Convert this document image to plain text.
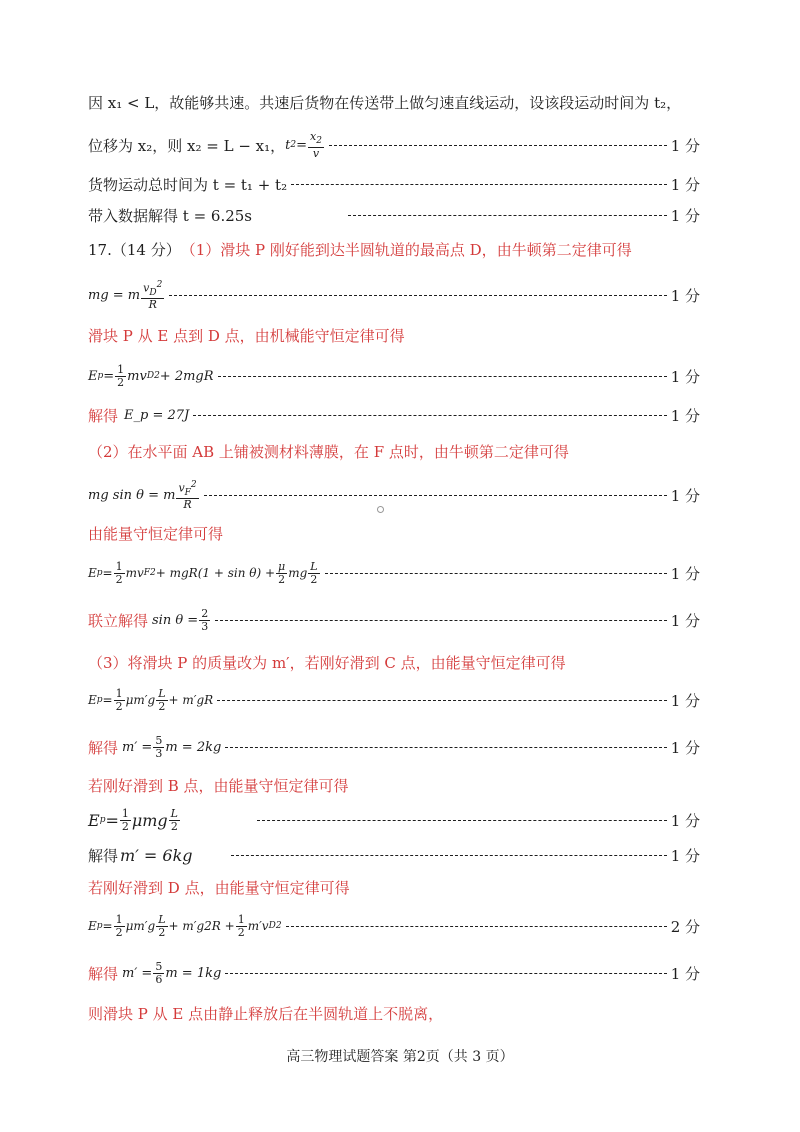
因 x₁ < L，故能够共速。共速后货物在传送带上做匀速直线运动，设该段运动时间为 t₂，
位移为 x₂，则 x₂ = L − x₁， t $2 = \frac{x_2}{v}$	1 分
货物运动总时间为 t = t₁ + t₂	1 分
带入数据解得 t = 6.25s	1 分
17.（14 分） （1）滑块 P 刚好能到达半圆轨道的最高点 D，由牛顿第二定律可得
mg = m $\frac{v_D^2}{R}$	1 分
滑块 P 从 E 点到 D 点，由机械能守恒定律可得
E $p = \frac{1}{2}$ mv D 2 + 2mgR	1 分
解得 E_p = 27J	1 分
（2）在水平面 AB 上铺被测材料薄膜，在 F 点时，由牛顿第二定律可得
mg sin θ = m $\frac{v_F^2}{R}$	1 分
由能量守恒定律可得
E $p = \frac{1}{2}$ mv F $2 + mgR(1 + \sin \theta) + \frac{\mu}{2}$ mg $\frac{L}{2}$	1 分
联立解得 $\sin \theta = \frac{2}{3}$	1 分
（3）将滑块 P 的质量改为 m′，若刚好滑到 C 点，由能量守恒定律可得
E $p = \frac{1}{2} \mu m'g \frac{L}{2} + m'gR$	1 分
解得 $m' = \frac{5}{3}$ m = 2kg	1 分
若刚好滑到 B 点，由能量守恒定律可得
E $p = \frac{1}{2}$ μmg $\frac{L}{2}$	1 分
解得 m′ = 6kg	1 分
若刚好滑到 D 点，由能量守恒定律可得
E $p = \frac{1}{2} \mu m'g \frac{L}{2} + m'g2R + \frac{1}{2} m'v$ D 2	2 分
解得 $m' = \frac{5}{6}$ m = 1kg	1 分
则滑块 P 从 E 点由静止释放后在半圆轨道上不脱离，
高三物理试题答案 第2页（共 3 页）
